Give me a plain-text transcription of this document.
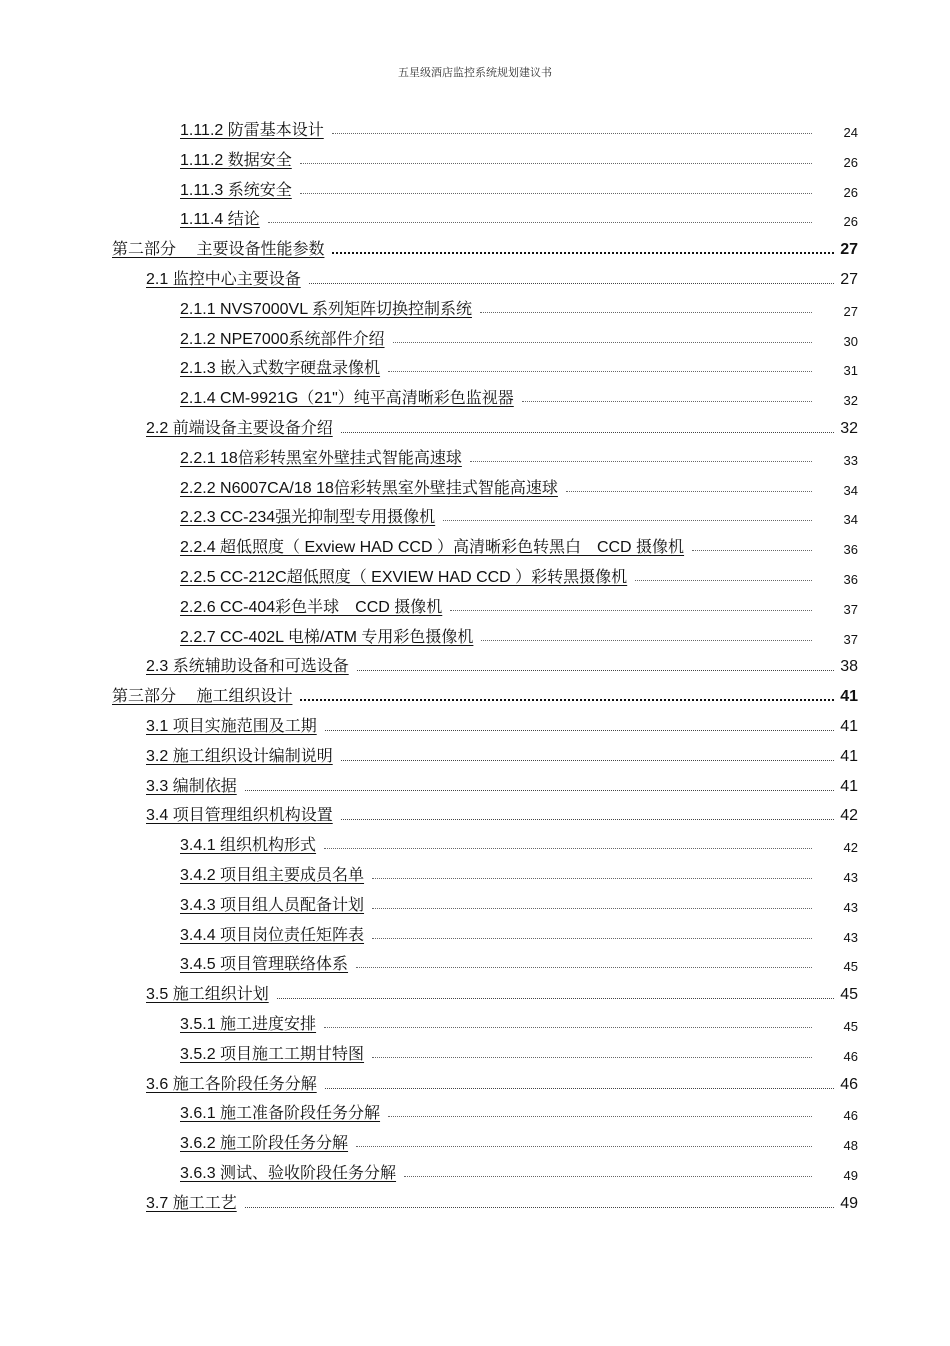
五星级酒店监控系统规划建议书
1.11.2 防雷基本设计	24
1.11.2 数据安全	26
1.11.3 系统安全	26
1.11.4 结论	26
第二部分　 主要设备性能参数	27
2.1 监控中心主要设备	27
2.1.1 NVS7000VL 系列矩阵切换控制系统	27
2.1.2 NPE7000系统部件介绍	30
2.1.3 嵌入式数字硬盘录像机	31
2.1.4 CM-9921G（21"）纯平高清晰彩色监视器	32
2.2 前端设备主要设备介绍	32
2.2.1 18倍彩转黑室外壁挂式智能高速球	33
2.2.2 N6007CA/18 18倍彩转黑室外壁挂式智能高速球	34
2.2.3 CC-234强光抑制型专用摄像机	34
2.2.4 超低照度（ Exview HAD CCD ）高清晰彩色转黑白　CCD 摄像机	36
2.2.5 CC-212C超低照度（ EXVIEW HAD CCD ）彩转黑摄像机	36
2.2.6 CC-404彩色半球　CCD 摄像机	37
2.2.7 CC-402L 电梯/ATM 专用彩色摄像机	37
2.3 系统辅助设备和可选设备	38
第三部分　 施工组织设计	41
3.1 项目实施范围及工期	41
3.2 施工组织设计编制说明	41
3.3 编制依据	41
3.4 项目管理组织机构设置	42
3.4.1 组织机构形式	42
3.4.2 项目组主要成员名单	43
3.4.3 项目组人员配备计划	43
3.4.4 项目岗位责任矩阵表	43
3.4.5 项目管理联络体系	45
3.5 施工组织计划	45
3.5.1 施工进度安排	45
3.5.2 项目施工工期甘特图	46
3.6 施工各阶段任务分解	46
3.6.1 施工准备阶段任务分解	46
3.6.2 施工阶段任务分解	48
3.6.3 测试、验收阶段任务分解	49
3.7 施工工艺	49
